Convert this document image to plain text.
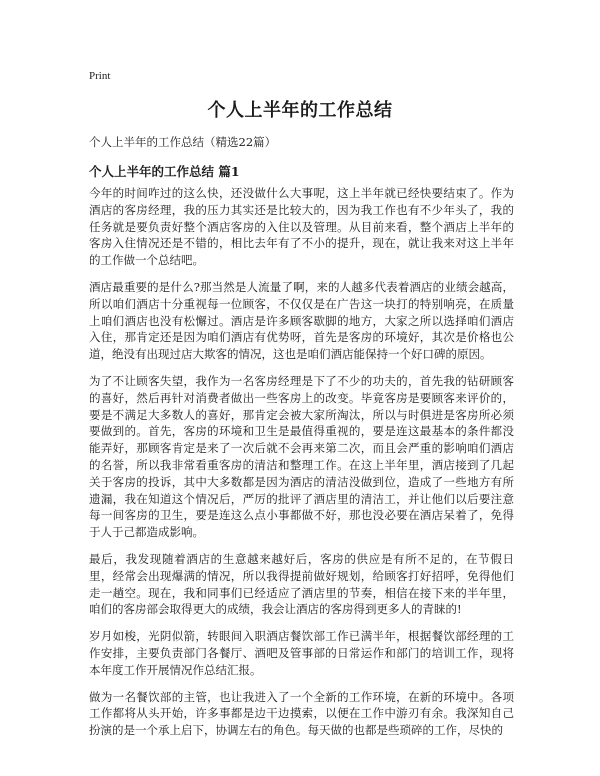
Print
个人上半年的工作总结

个人上半年的工作总结（精选22篇）

个人上半年的工作总结 篇1

今年的时间咋过的这么快，还没做什么大事呢，这上半年就已经快要结束了。作为酒店的客房经理，我的压力其实还是比较大的，因为我工作也有不少年头了，我的任务就是要负责好整个酒店客房的入住以及管理。从目前来看，整个酒店上半年的客房入住情况还是不错的，相比去年有了不小的提升，现在，就让我来对这上半年的工作做一个总结吧。

酒店最重要的是什么?那当然是人流量了啊，来的人越多代表着酒店的业绩会越高，所以咱们酒店十分重视每一位顾客，不仅仅是在广告这一块打的特别响亮，在质量上咱们酒店也没有松懈过。酒店是许多顾客歇脚的地方，大家之所以选择咱们酒店入住，那肯定还是因为咱们酒店有优势呀，首先是客房的环境好，其次是价格也公道，绝没有出现过店大欺客的情况，这也是咱们酒店能保持一个好口碑的原因。

为了不让顾客失望，我作为一名客房经理是下了不少的功夫的，首先我的钻研顾客的喜好，然后再针对消费者做出一些客房上的改变。毕竟客房是要顾客来评价的，要是不满足大多数人的喜好，那肯定会被大家所淘汰，所以与时俱进是客房所必须要做到的。首先，客房的环境和卫生是最值得重视的，要是连这最基本的条件都没能弄好，那顾客肯定是来了一次后就不会再来第二次，而且会严重的影响咱们酒店的名誉，所以我非常看重客房的清洁和整理工作。在这上半年里，酒店接到了几起关于客房的投诉，其中大多数都是因为酒店的清洁没做到位，造成了一些地方有所遗漏，我在知道这个情况后，严厉的批评了酒店里的清洁工，并让他们以后要注意每一间客房的卫生，要是连这么点小事都做不好，那也没必要在酒店呆着了，免得于人于己都造成影响。

最后，我发现随着酒店的生意越来越好后，客房的供应是有所不足的，在节假日里，经常会出现爆满的情况，所以我得提前做好规划，给顾客打好招呼，免得他们走一趟空。现在，我和同事们已经适应了酒店里的节奏，相信在接下来的半年里，咱们的客房部会取得更大的成绩，我会让酒店的客房得到更多人的青睐的!

岁月如梭，光阴似箭，转眼间入职酒店餐饮部工作已满半年，根据餐饮部经理的工作安排，主要负责部门各餐厅、酒吧及管事部的日常运作和部门的培训工作，现将本年度工作开展情况作总结汇报。

做为一名餐饮部的主管，也让我进入了一个全新的工作环境，在新的环境中。各项工作都将从头开始，许多事都是边干边摸索，以便在工作中游刃有余。我深知自己扮演的是一个承上启下，协调左右的角色。每天做的也都是些琐碎的工作，尽快的
